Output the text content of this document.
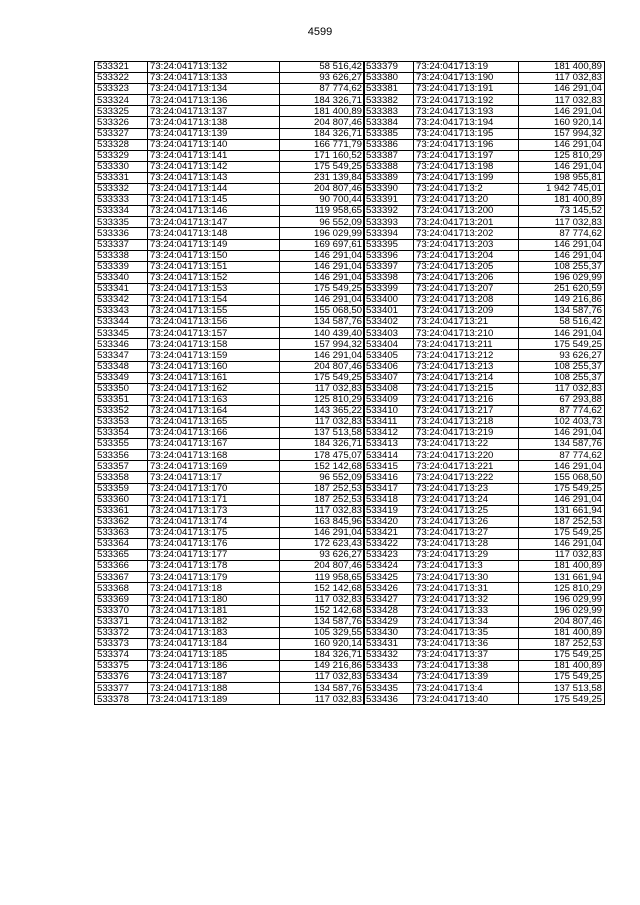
4599
533321	73:24:041713:132	58 516,42
533322	73:24:041713:133	93 626,27
533323	73:24:041713:134	87 774,62
533324	73:24:041713:136	184 326,71
533325	73:24:041713:137	181 400,89
533326	73:24:041713:138	204 807,46
533327	73:24:041713:139	184 326,71
533328	73:24:041713:140	166 771,79
533329	73:24:041713:141	171 160,52
533330	73:24:041713:142	175 549,25
533331	73:24:041713:143	231 139,84
533332	73:24:041713:144	204 807,46
533333	73:24:041713:145	90 700,44
533334	73:24:041713:146	119 958,65
533335	73:24:041713:147	96 552,09
533336	73:24:041713:148	196 029,99
533337	73:24:041713:149	169 697,61
533338	73:24:041713:150	146 291,04
533339	73:24:041713:151	146 291,04
533340	73:24:041713:152	146 291,04
533341	73:24:041713:153	175 549,25
533342	73:24:041713:154	146 291,04
533343	73:24:041713:155	155 068,50
533344	73:24:041713:156	134 587,76
533345	73:24:041713:157	140 439,40
533346	73:24:041713:158	157 994,32
533347	73:24:041713:159	146 291,04
533348	73:24:041713:160	204 807,46
533349	73:24:041713:161	175 549,25
533350	73:24:041713:162	117 032,83
533351	73:24:041713:163	125 810,29
533352	73:24:041713:164	143 365,22
533353	73:24:041713:165	117 032,83
533354	73:24:041713:166	137 513,58
533355	73:24:041713:167	184 326,71
533356	73:24:041713:168	178 475,07
533357	73:24:041713:169	152 142,68
533358	73:24:041713:17	96 552,09
533359	73:24:041713:170	187 252,53
533360	73:24:041713:171	187 252,53
533361	73:24:041713:173	117 032,83
533362	73:24:041713:174	163 845,96
533363	73:24:041713:175	146 291,04
533364	73:24:041713:176	172 623,43
533365	73:24:041713:177	93 626,27
533366	73:24:041713:178	204 807,46
533367	73:24:041713:179	119 958,65
533368	73:24:041713:18	152 142,68
533369	73:24:041713:180	117 032,83
533370	73:24:041713:181	152 142,68
533371	73:24:041713:182	134 587,76
533372	73:24:041713:183	105 329,55
533373	73:24:041713:184	160 920,14
533374	73:24:041713:185	184 326,71
533375	73:24:041713:186	149 216,86
533376	73:24:041713:187	117 032,83
533377	73:24:041713:188	134 587,76
533378	73:24:041713:189	117 032,83
533379	73:24:041713:19	181 400,89
533380	73:24:041713:190	117 032,83
533381	73:24:041713:191	146 291,04
533382	73:24:041713:192	117 032,83
533383	73:24:041713:193	146 291,04
533384	73:24:041713:194	160 920,14
533385	73:24:041713:195	157 994,32
533386	73:24:041713:196	146 291,04
533387	73:24:041713:197	125 810,29
533388	73:24:041713:198	146 291,04
533389	73:24:041713:199	198 955,81
533390	73:24:041713:2	1 942 745,01
533391	73:24:041713:20	181 400,89
533392	73:24:041713:200	73 145,52
533393	73:24:041713:201	117 032,83
533394	73:24:041713:202	87 774,62
533395	73:24:041713:203	146 291,04
533396	73:24:041713:204	146 291,04
533397	73:24:041713:205	108 255,37
533398	73:24:041713:206	196 029,99
533399	73:24:041713:207	251 620,59
533400	73:24:041713:208	149 216,86
533401	73:24:041713:209	134 587,76
533402	73:24:041713:21	58 516,42
533403	73:24:041713:210	146 291,04
533404	73:24:041713:211	175 549,25
533405	73:24:041713:212	93 626,27
533406	73:24:041713:213	108 255,37
533407	73:24:041713:214	108 255,37
533408	73:24:041713:215	117 032,83
533409	73:24:041713:216	67 293,88
533410	73:24:041713:217	87 774,62
533411	73:24:041713:218	102 403,73
533412	73:24:041713:219	146 291,04
533413	73:24:041713:22	134 587,76
533414	73:24:041713:220	87 774,62
533415	73:24:041713:221	146 291,04
533416	73:24:041713:222	155 068,50
533417	73:24:041713:23	175 549,25
533418	73:24:041713:24	146 291,04
533419	73:24:041713:25	131 661,94
533420	73:24:041713:26	187 252,53
533421	73:24:041713:27	175 549,25
533422	73:24:041713:28	146 291,04
533423	73:24:041713:29	117 032,83
533424	73:24:041713:3	181 400,89
533425	73:24:041713:30	131 661,94
533426	73:24:041713:31	125 810,29
533427	73:24:041713:32	196 029,99
533428	73:24:041713:33	196 029,99
533429	73:24:041713:34	204 807,46
533430	73:24:041713:35	181 400,89
533431	73:24:041713:36	187 252,53
533432	73:24:041713:37	175 549,25
533433	73:24:041713:38	181 400,89
533434	73:24:041713:39	175 549,25
533435	73:24:041713:4	137 513,58
533436	73:24:041713:40	175 549,25
